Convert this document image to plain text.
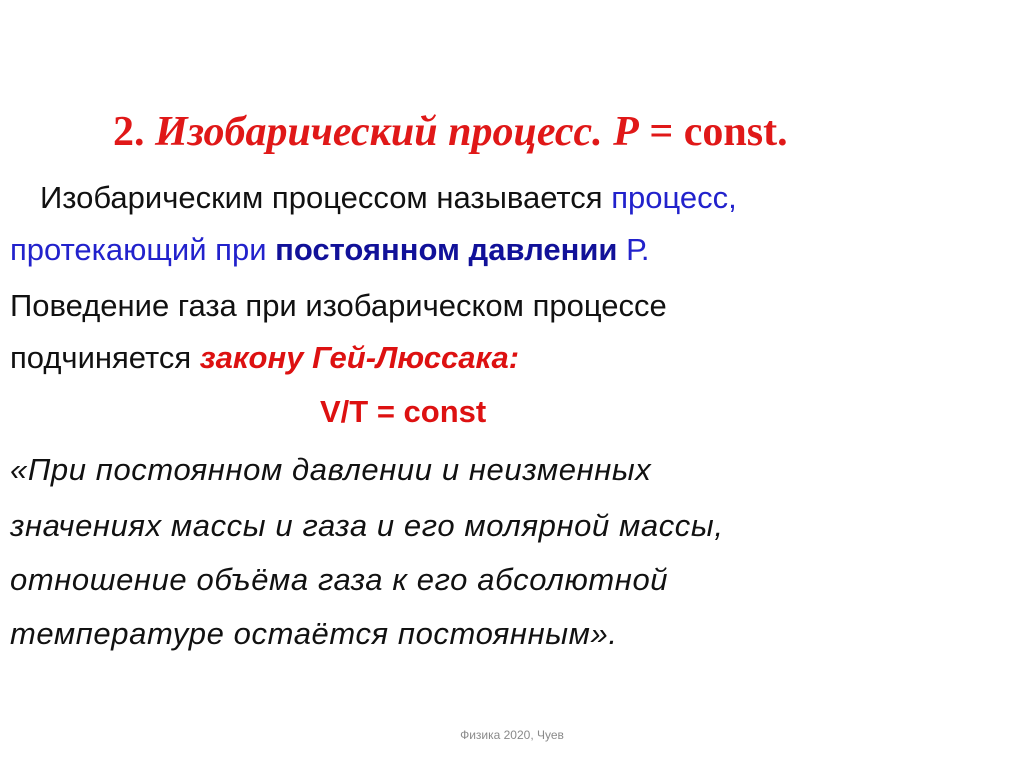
2. Изобарический процесс. P = const.
Изобарическим процессом называется процесс,
протекающий при постоянном давлении Р.
Поведение газа при изобарическом процессе
подчиняется закону Гей-Люссака:
V/T = const
«При постоянном давлении и неизменных
значениях массы и газа и его молярной массы,
отношение объёма газа к его абсолютной
температуре остаётся постоянным».
Физика 2020, Чуев
